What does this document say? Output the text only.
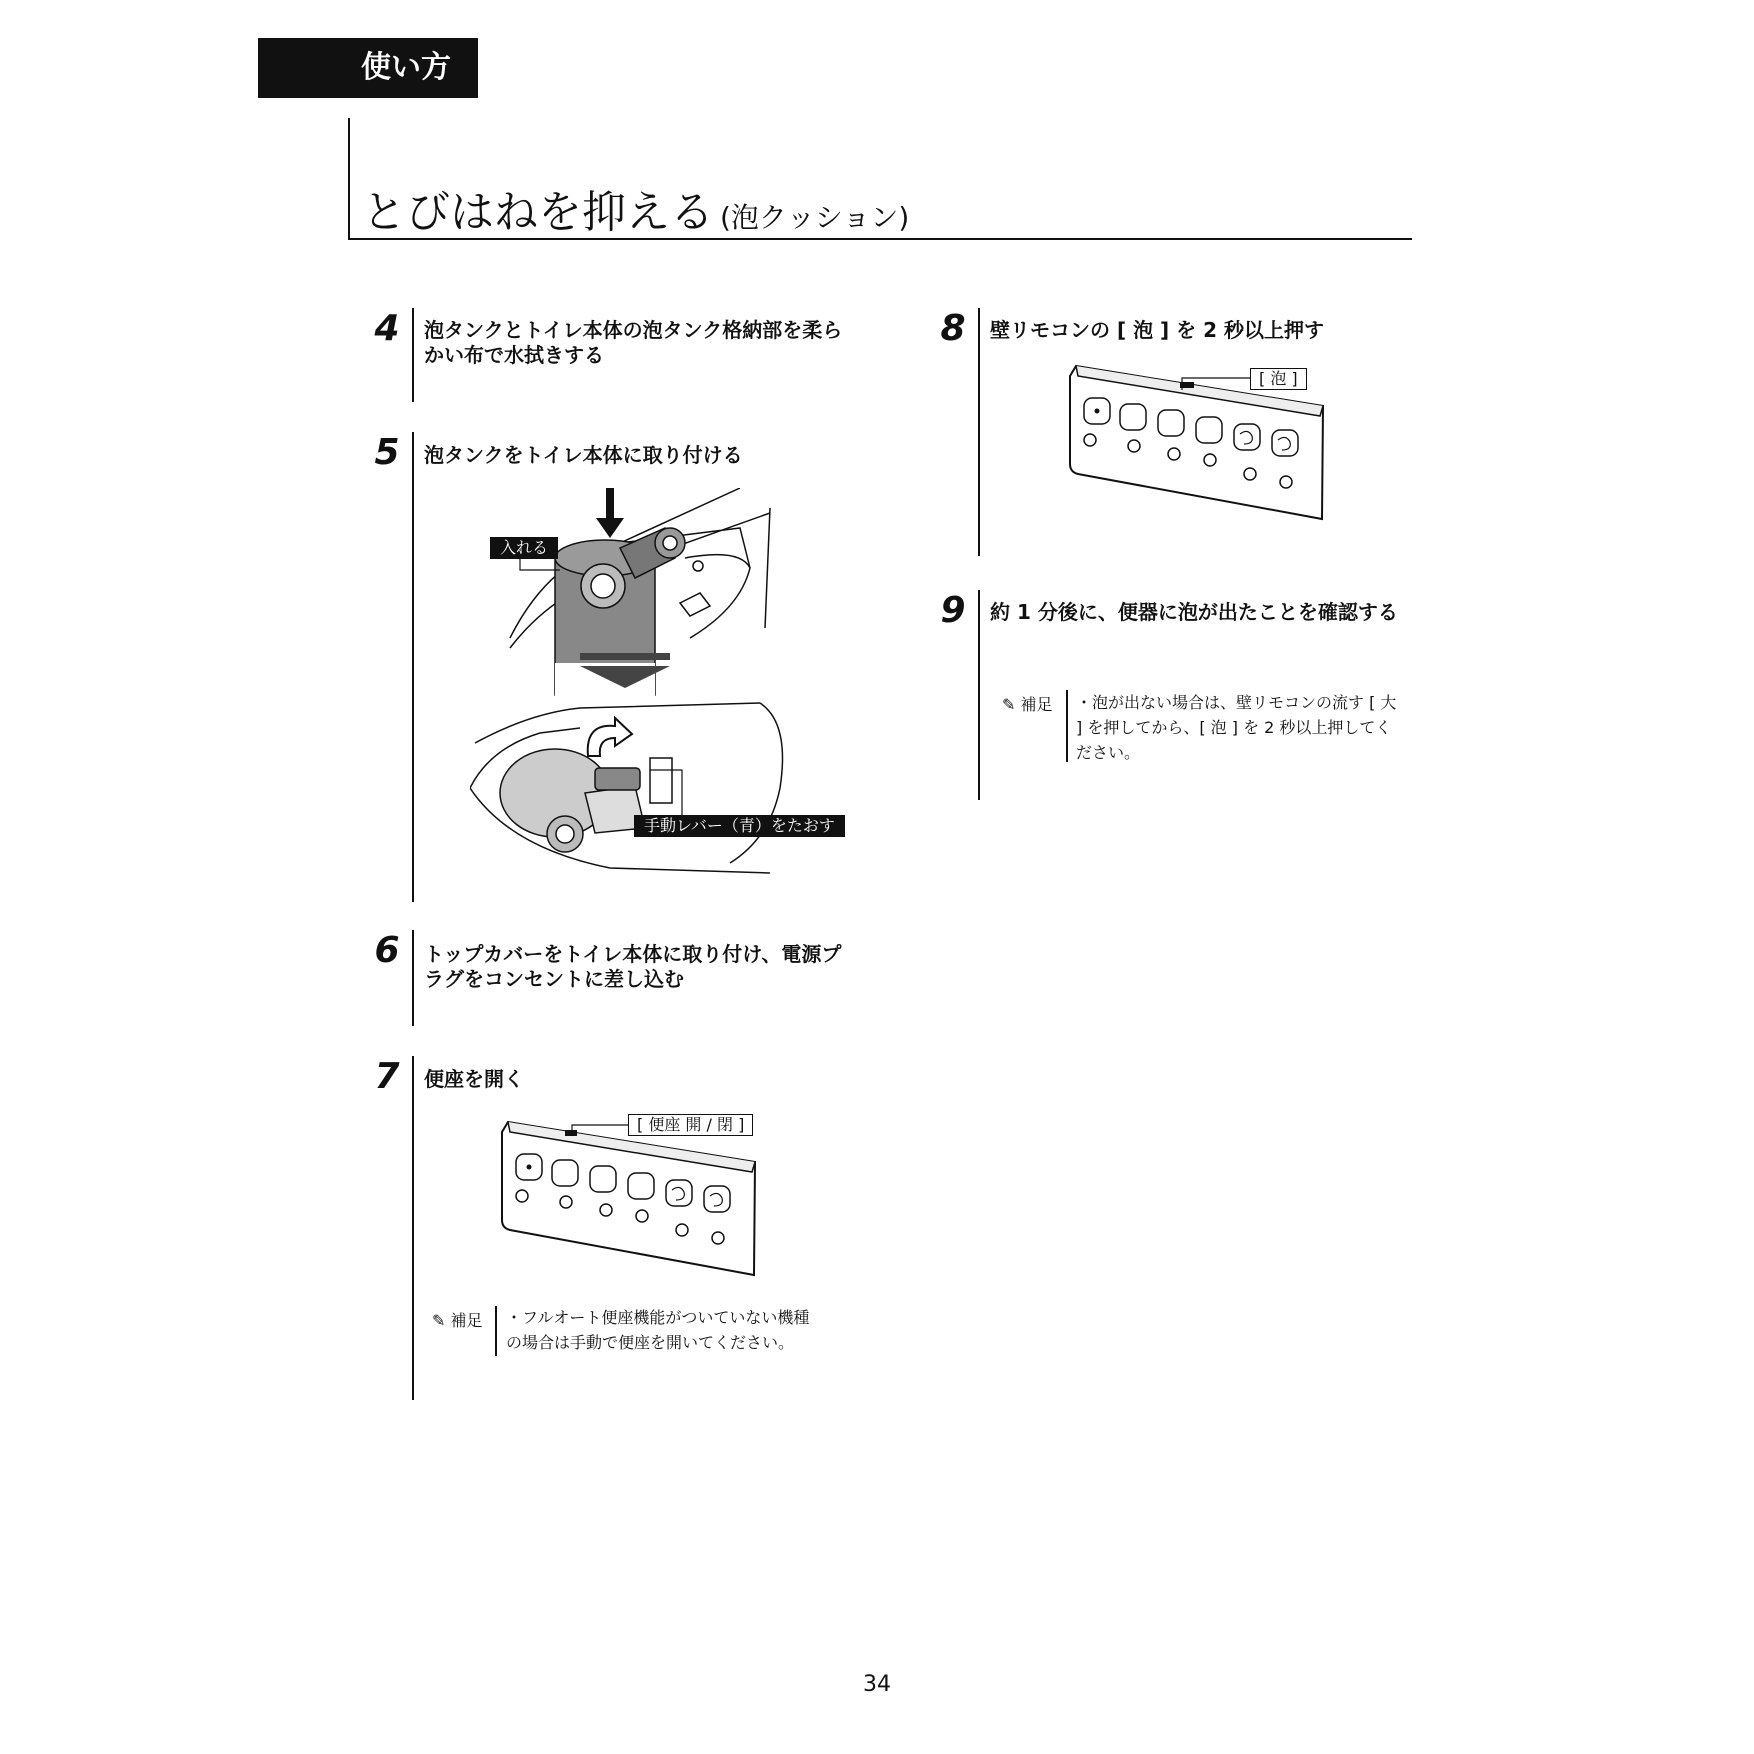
使い方
とびはねを抑える (泡クッション)
4	泡タンクとトイレ本体の泡タンク格納部を柔らかい布で水拭きする
5	泡タンクをトイレ本体に取り付ける
入れる
手動レバー（青）をたおす
6	トップカバーをトイレ本体に取り付け、電源プラグをコンセントに差し込む
7	便座を開く
[ 便座 開 / 閉 ]
✎ 補足 ・フルオート便座機能がついていない機種の場合は手動で便座を開いてください。
8	壁リモコンの [ 泡 ] を 2 秒以上押す
[ 泡 ]
9	約 1 分後に、便器に泡が出たことを確認する
✎ 補足 ・泡が出ない場合は、壁リモコンの流す [ 大 ] を押してから、[ 泡 ] を 2 秒以上押してください。
34
